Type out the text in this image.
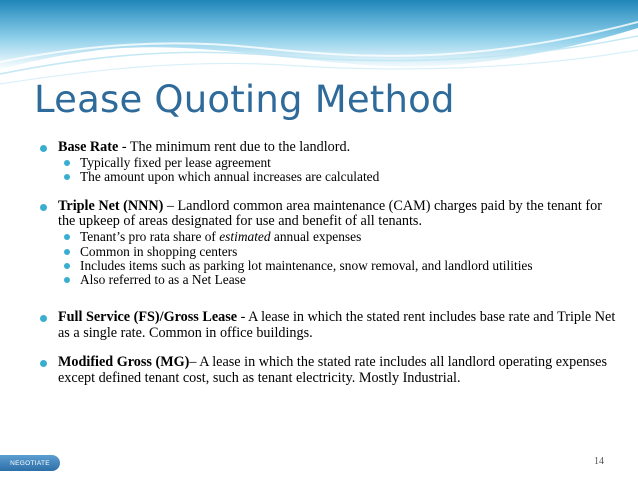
Lease Quoting Method
Base Rate - The minimum rent due to the landlord.
Typically fixed per lease agreement
The amount upon which annual increases are calculated
Triple Net (NNN) – Landlord common area maintenance (CAM) charges paid by the tenant for the upkeep of areas designated for use and benefit of all tenants.
Tenant’s pro rata share of estimated annual expenses
Common in shopping centers
Includes items such as parking lot maintenance, snow removal, and landlord utilities
Also referred to as a Net Lease
Full Service (FS)/Gross Lease - A lease in which the stated rent includes base rate and Triple Net as a single rate. Common in office buildings.
Modified Gross (MG)– A lease in which the stated rate includes all landlord operating expenses except defined tenant cost, such as tenant electricity. Mostly Industrial.
NEGOTIATE	14
